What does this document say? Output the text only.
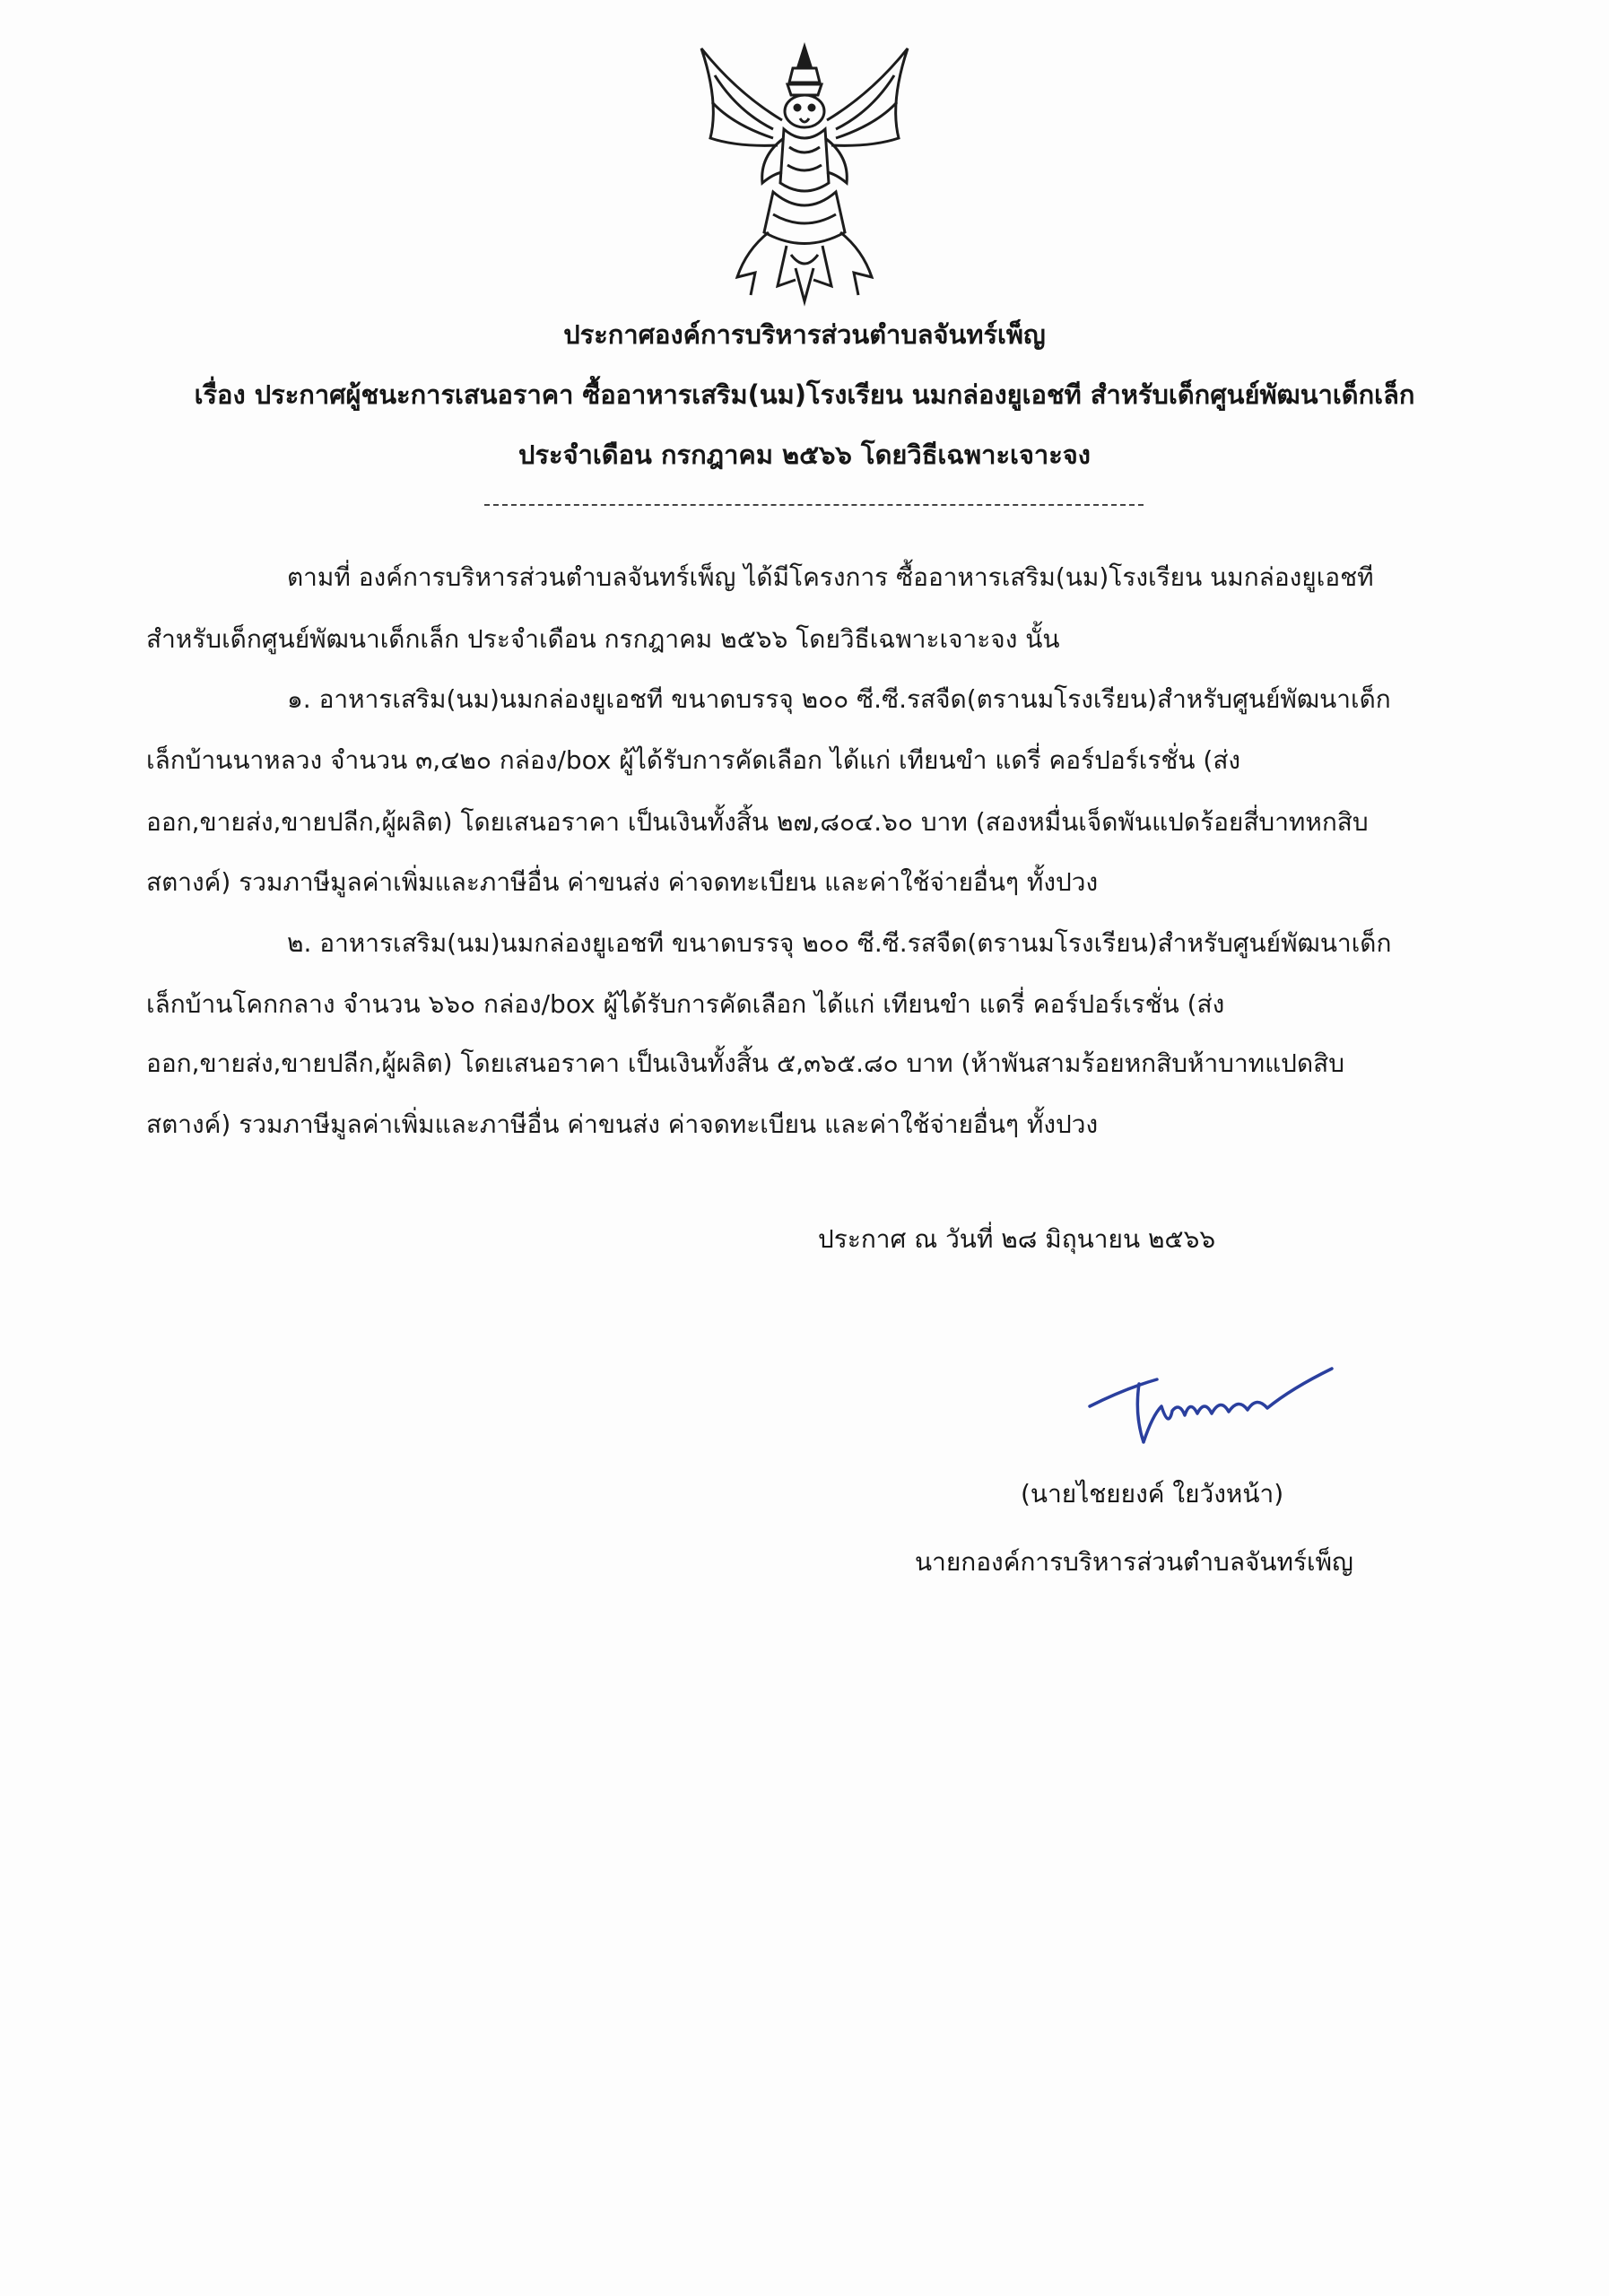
ประกาศองค์การบริหารส่วนตำบลจันทร์เพ็ญ
เรื่อง ประกาศผู้ชนะการเสนอราคา ซื้ออาหารเสริม(นม)โรงเรียน นมกล่องยูเอชที สำหรับเด็กศูนย์พัฒนาเด็กเล็ก
ประจำเดือน กรกฎาคม ๒๕๖๖ โดยวิธีเฉพาะเจาะจง
ตามที่ องค์การบริหารส่วนตำบลจันทร์เพ็ญ ได้มีโครงการ ซื้ออาหารเสริม(นม)โรงเรียน นมกล่องยูเอชที
สำหรับเด็กศูนย์พัฒนาเด็กเล็ก ประจำเดือน กรกฎาคม ๒๕๖๖ โดยวิธีเฉพาะเจาะจง นั้น
๑. อาหารเสริม(นม)นมกล่องยูเอชที ขนาดบรรจุ ๒๐๐ ซี.ซี.รสจืด(ตรานมโรงเรียน)สำหรับศูนย์พัฒนาเด็ก
เล็กบ้านนาหลวง จำนวน ๓,๔๒๐ กล่อง/box ผู้ได้รับการคัดเลือก ได้แก่ เทียนขำ แดรี่ คอร์ปอร์เรชั่น (ส่ง
ออก,ขายส่ง,ขายปลีก,ผู้ผลิต) โดยเสนอราคา เป็นเงินทั้งสิ้น ๒๗,๘๐๔.๖๐ บาท (สองหมื่นเจ็ดพันแปดร้อยสี่บาทหกสิบ
สตางค์) รวมภาษีมูลค่าเพิ่มและภาษีอื่น ค่าขนส่ง ค่าจดทะเบียน และค่าใช้จ่ายอื่นๆ ทั้งปวง
๒. อาหารเสริม(นม)นมกล่องยูเอชที ขนาดบรรจุ ๒๐๐ ซี.ซี.รสจืด(ตรานมโรงเรียน)สำหรับศูนย์พัฒนาเด็ก
เล็กบ้านโคกกลาง จำนวน ๖๖๐ กล่อง/box ผู้ได้รับการคัดเลือก ได้แก่ เทียนขำ แดรี่ คอร์ปอร์เรชั่น (ส่ง
ออก,ขายส่ง,ขายปลีก,ผู้ผลิต) โดยเสนอราคา เป็นเงินทั้งสิ้น ๕,๓๖๕.๘๐ บาท (ห้าพันสามร้อยหกสิบห้าบาทแปดสิบ
สตางค์) รวมภาษีมูลค่าเพิ่มและภาษีอื่น ค่าขนส่ง ค่าจดทะเบียน และค่าใช้จ่ายอื่นๆ ทั้งปวง
ประกาศ ณ วันที่ ๒๘ มิถุนายน ๒๕๖๖
(นายไชยยงค์ ใยวังหน้า)
นายกองค์การบริหารส่วนตำบลจันทร์เพ็ญ
